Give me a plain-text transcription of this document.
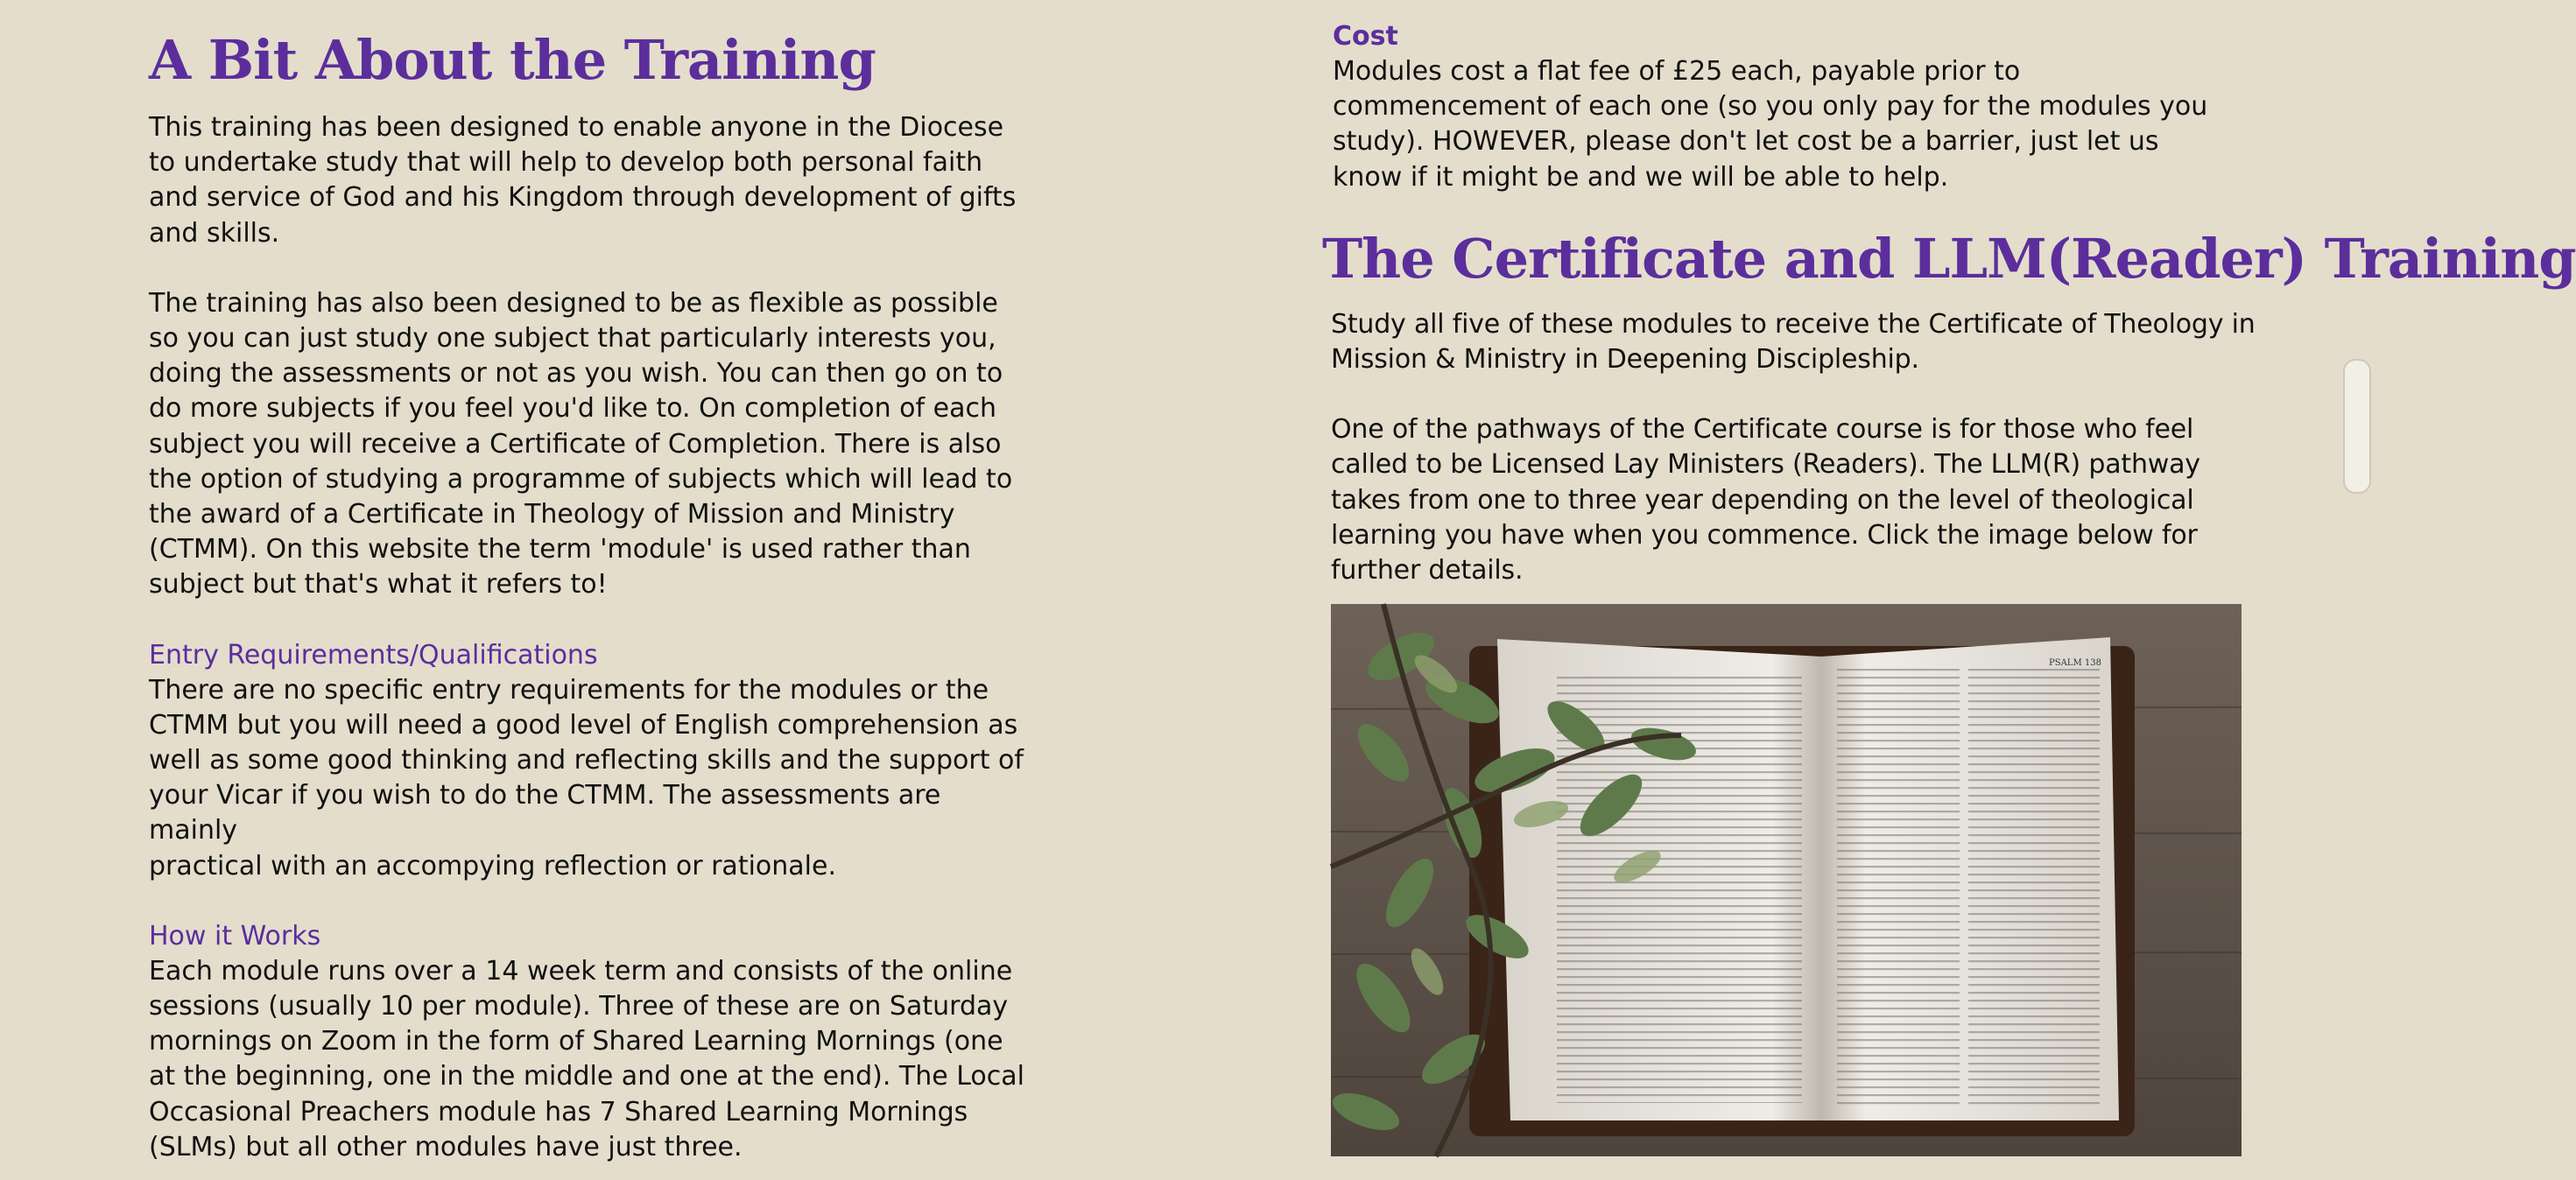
A Bit About the Training

This training has been designed to enable anyone in the Diocese
to undertake study that will help to develop both personal faith
and service of God and his Kingdom through development of gifts
and skills.

The training has also been designed to be as flexible as possible
so you can just study one subject that particularly interests you,
doing the assessments or not as you wish. You can then go on to
do more subjects if you feel you'd like to. On completion of each
subject you will receive a Certificate of Completion. There is also
the option of studying a programme of subjects which will lead to
the award of a Certificate in Theology of Mission and Ministry
(CTMM). On this website the term 'module' is used rather than
subject but that's what it refers to!

Entry Requirements/Qualifications

There are no specific entry requirements for the modules or the
CTMM but you will need a good level of English comprehension as
well as some good thinking and reflecting skills and the support of
your Vicar if you wish to do the CTMM. The assessments are mainly
practical with an accompying reflection or rationale.

How it Works

Each module runs over a 14 week term and consists of the online
sessions (usually 10 per module). Three of these are on Saturday
mornings on Zoom in the form of Shared Learning Mornings (one
at the beginning, one in the middle and one at the end). The Local
Occasional Preachers module has 7 Shared Learning Mornings
(SLMs) but all other modules have just three.

Cost

Modules cost a flat fee of £25 each, payable prior to
commencement of each one (so you only pay for the modules you
study). HOWEVER, please don't let cost be a barrier, just let us
know if it might be and we will be able to help.

The Certificate and LLM(Reader) Training

Study all five of these modules to receive the Certificate of Theology in
Mission & Ministry in Deepening Discipleship.

One of the pathways of the Certificate course is for those who feel
called to be Licensed Lay Ministers (Readers). The LLM(R) pathway
takes from one to three year depending on the level of theological
learning you have when you commence. Click the image below for
further details.

PSALM 138
